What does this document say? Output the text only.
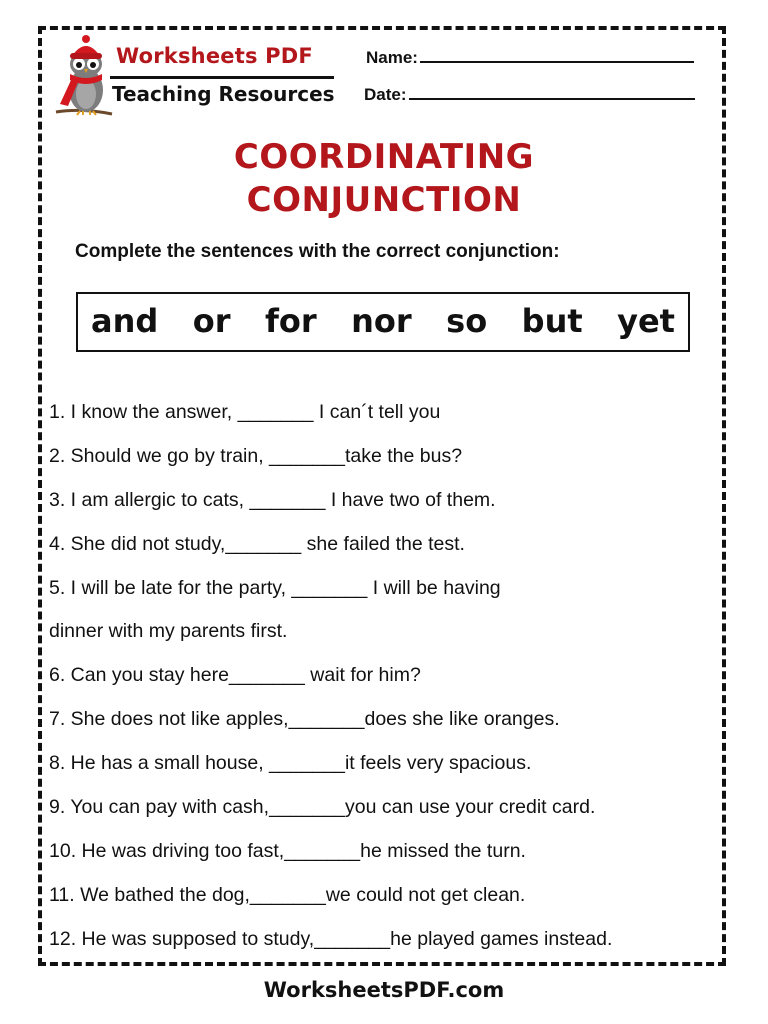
Worksheets PDF
Teaching Resources
Name:
Date:
COORDINATING
CONJUNCTION
Complete the sentences with the correct conjunction:
and or for nor so but yet
1. I know the answer, _______ I can´t tell you
2. Should we go by train, _______take the bus?
3. I am allergic to cats, _______ I have two of them.
4. She did not study,_______ she failed the test.
5. I will be late for the party, _______ I will be having
dinner with my parents first.
6. Can you stay here_______ wait for him?
7. She does not like apples,_______does she like oranges.
8. He has a small house, _______it feels very spacious.
9. You can pay with cash,_______you can use your credit card.
10. He was driving too fast,_______he missed the turn.
11. We bathed the dog,_______we could not get clean.
12. He was supposed to study,_______he played games instead.
WorksheetsPDF.com
